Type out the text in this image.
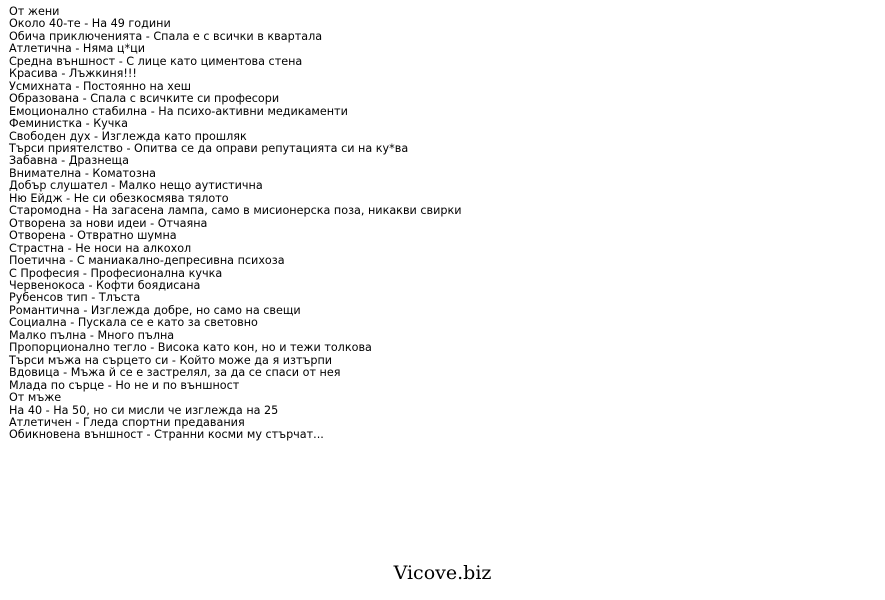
От жени
Около 40-те - На 49 години
Обича приключенията - Спала е с всички в квартала
Атлетична - Няма ц*ци
Средна външност - С лице като циментова стена
Красива - Лъжкиня!!!
Усмихната - Постоянно на хеш
Образована - Спала с всичките си професори
Емоционално стабилна - На психо-активни медикаменти
Феминистка - Кучка
Свободен дух - Изглежда като прошляк
Търси приятелство - Опитва се да оправи репутацията си на ку*ва
Забавна - Дразнеща
Внимателна - Коматозна
Добър слушател - Малко нещо аутистична
Ню Ейдж - Не си обезкосмява тялото
Старомодна - На загасена лампа, само в мисионерска поза, никакви свирки
Отворена за нови идеи - Отчаяна
Отворена - Отвратно шумна
Страстна - Не носи на алкохол
Поетична - С маниакално-депресивна психоза
С Професия - Професионална кучка
Червенокоса - Кофти боядисана
Рубенсов тип - Тлъста
Романтична - Изглежда добре, но само на свещи
Социална - Пускала се е като за световно
Малко пълна - Много пълна
Пропорционално тегло - Висока като кон, но и тежи толкова
Търси мъжа на сърцето си - Който може да я изтърпи
Вдовица - Мъжа й се е застрелял, за да се спаси от нея
Млада по сърце - Но не и по външност
От мъже
На 40 - На 50, но си мисли че изглежда на 25
Атлетичен - Гледа спортни предавания
Обикновена външност - Странни косми му стърчат...
Vicove.biz
